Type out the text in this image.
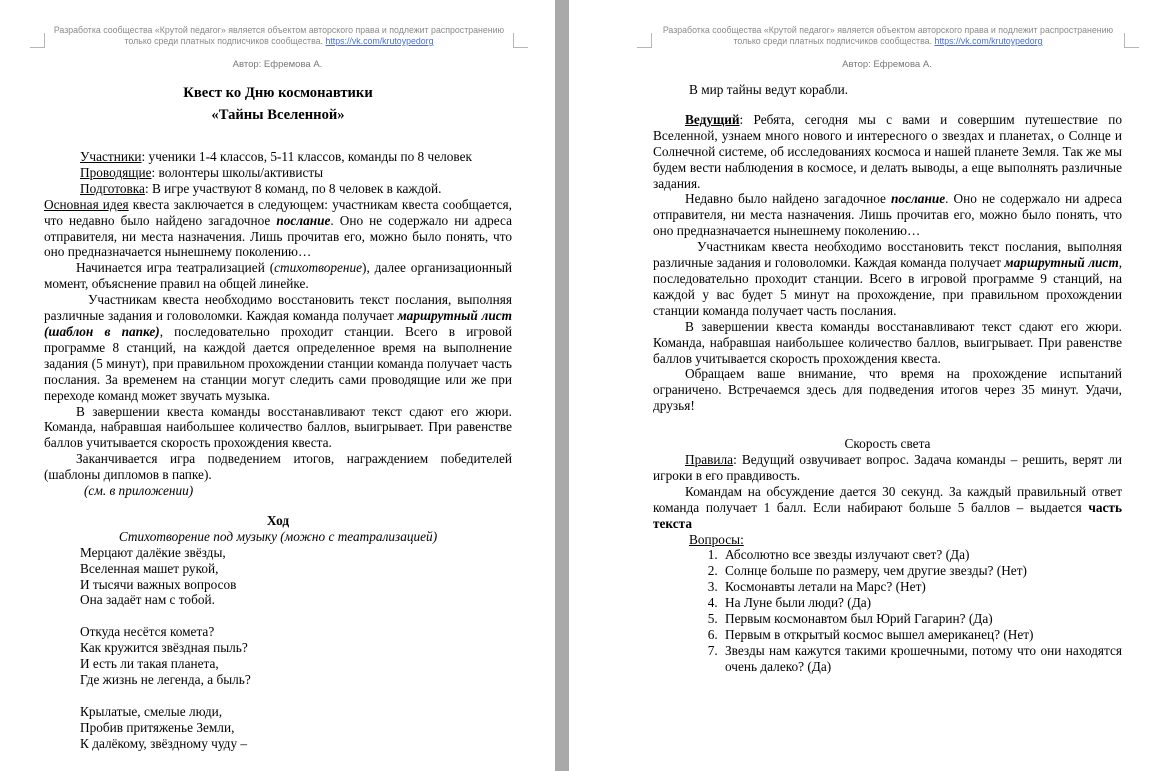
Разработка сообщества «Крутой педагог» является объектом авторского права и подлежит распространению
только среди платных подписчиков сообщества. https://vk.com/krutoypedorg
Автор: Ефремова А.

Квест ко Дню космонавтики

«Тайны Вселенной»

Участники: ученики 1-4 классов, 5-11 классов, команды по 8 человек

Проводящие: волонтеры школы/активисты

Подготовка: В игре участвуют 8 команд, по 8 человек в каждой.

Основная идея квеста заключается в следующем: участникам квеста сообщается, что недавно было найдено загадочное послание. Оно не содержало ни адреса отправителя, ни места назначения. Лишь прочитав его, можно было понять, что оно предназначается нынешнему поколению…

Начинается игра театрализацией (стихотворение), далее организационный момент, объяснение правил на общей линейке.

Участникам квеста необходимо восстановить текст послания, выполняя различные задания и головоломки. Каждая команда получает маршрутный лист (шаблон в папке), последовательно проходит станции. Всего в игровой программе 8 станций, на каждой дается определенное время на выполнение задания (5 минут), при правильном прохождении станции команда получает часть послания. За временем на станции могут следить сами проводящие или же при переходе команд может звучать музыка.

В завершении квеста команды восстанавливают текст сдают его жюри. Команда, набравшая наибольшее количество баллов, выигрывает. При равенстве баллов учитывается скорость прохождения квеста.

Заканчивается игра подведением итогов, награждением победителей (шаблоны дипломов в папке).

(см. в приложении)

Ход

Стихотворение под музыку (можно с театрализацией)

Мерцают далёкие звёзды,
Вселенная машет рукой,
И тысячи важных вопросов
Она задаёт нам с тобой.
Откуда несётся комета?
Как кружится звёздная пыль?
И есть ли такая планета,
Где жизнь не легенда, а быль?
Крылатые, смелые люди,
Пробив притяженье Земли,
К далёкому, звёздному чуду –
Разработка сообщества «Крутой педагог» является объектом авторского права и подлежит распространению
только среди платных подписчиков сообщества. https://vk.com/krutoypedorg
Автор: Ефремова А.

В мир тайны ведут корабли.

Ведущий: Ребята, сегодня мы с вами и совершим путешествие по Вселенной, узнаем много нового и интересного о звездах и планетах, о Солнце и Солнечной системе, об исследованиях космоса и нашей планете Земля. Так же мы будем вести наблюдения в космосе, и делать выводы, а еще выполнять различные задания.

Недавно было найдено загадочное послание. Оно не содержало ни адреса отправителя, ни места назначения. Лишь прочитав его, можно было понять, что оно предназначается нынешнему поколению…

Участникам квеста необходимо восстановить текст послания, выполняя различные задания и головоломки. Каждая команда получает маршрутный лист, последовательно проходит станции. Всего в игровой программе 9 станций, на каждой у вас будет 5 минут на прохождение, при правильном прохождении станции команда получает часть послания.

В завершении квеста команды восстанавливают текст сдают его жюри. Команда, набравшая наибольшее количество баллов, выигрывает. При равенстве баллов учитывается скорость прохождения квеста.

Обращаем ваше внимание, что время на прохождение испытаний ограничено. Встречаемся здесь для подведения итогов через 35 минут. Удачи, друзья!

Скорость света

Правила: Ведущий озвучивает вопрос. Задача команды – решить, верят ли игроки в его правдивость.

Командам на обсуждение дается 30 секунд. За каждый правильный ответ команда получает 1 балл. Если набирают больше 5 баллов – выдается часть текста

Вопросы:

1. Абсолютно все звезды излучают свет? (Да)
2. Солнце больше по размеру, чем другие звезды? (Нет)
3. Космонавты летали на Марс? (Нет)
4. На Луне были люди? (Да)
5. Первым космонавтом был Юрий Гагарин? (Да)
6. Первым в открытый космос вышел американец? (Нет)
7. Звезды нам кажутся такими крошечными, потому что они находятся очень далеко? (Да)
